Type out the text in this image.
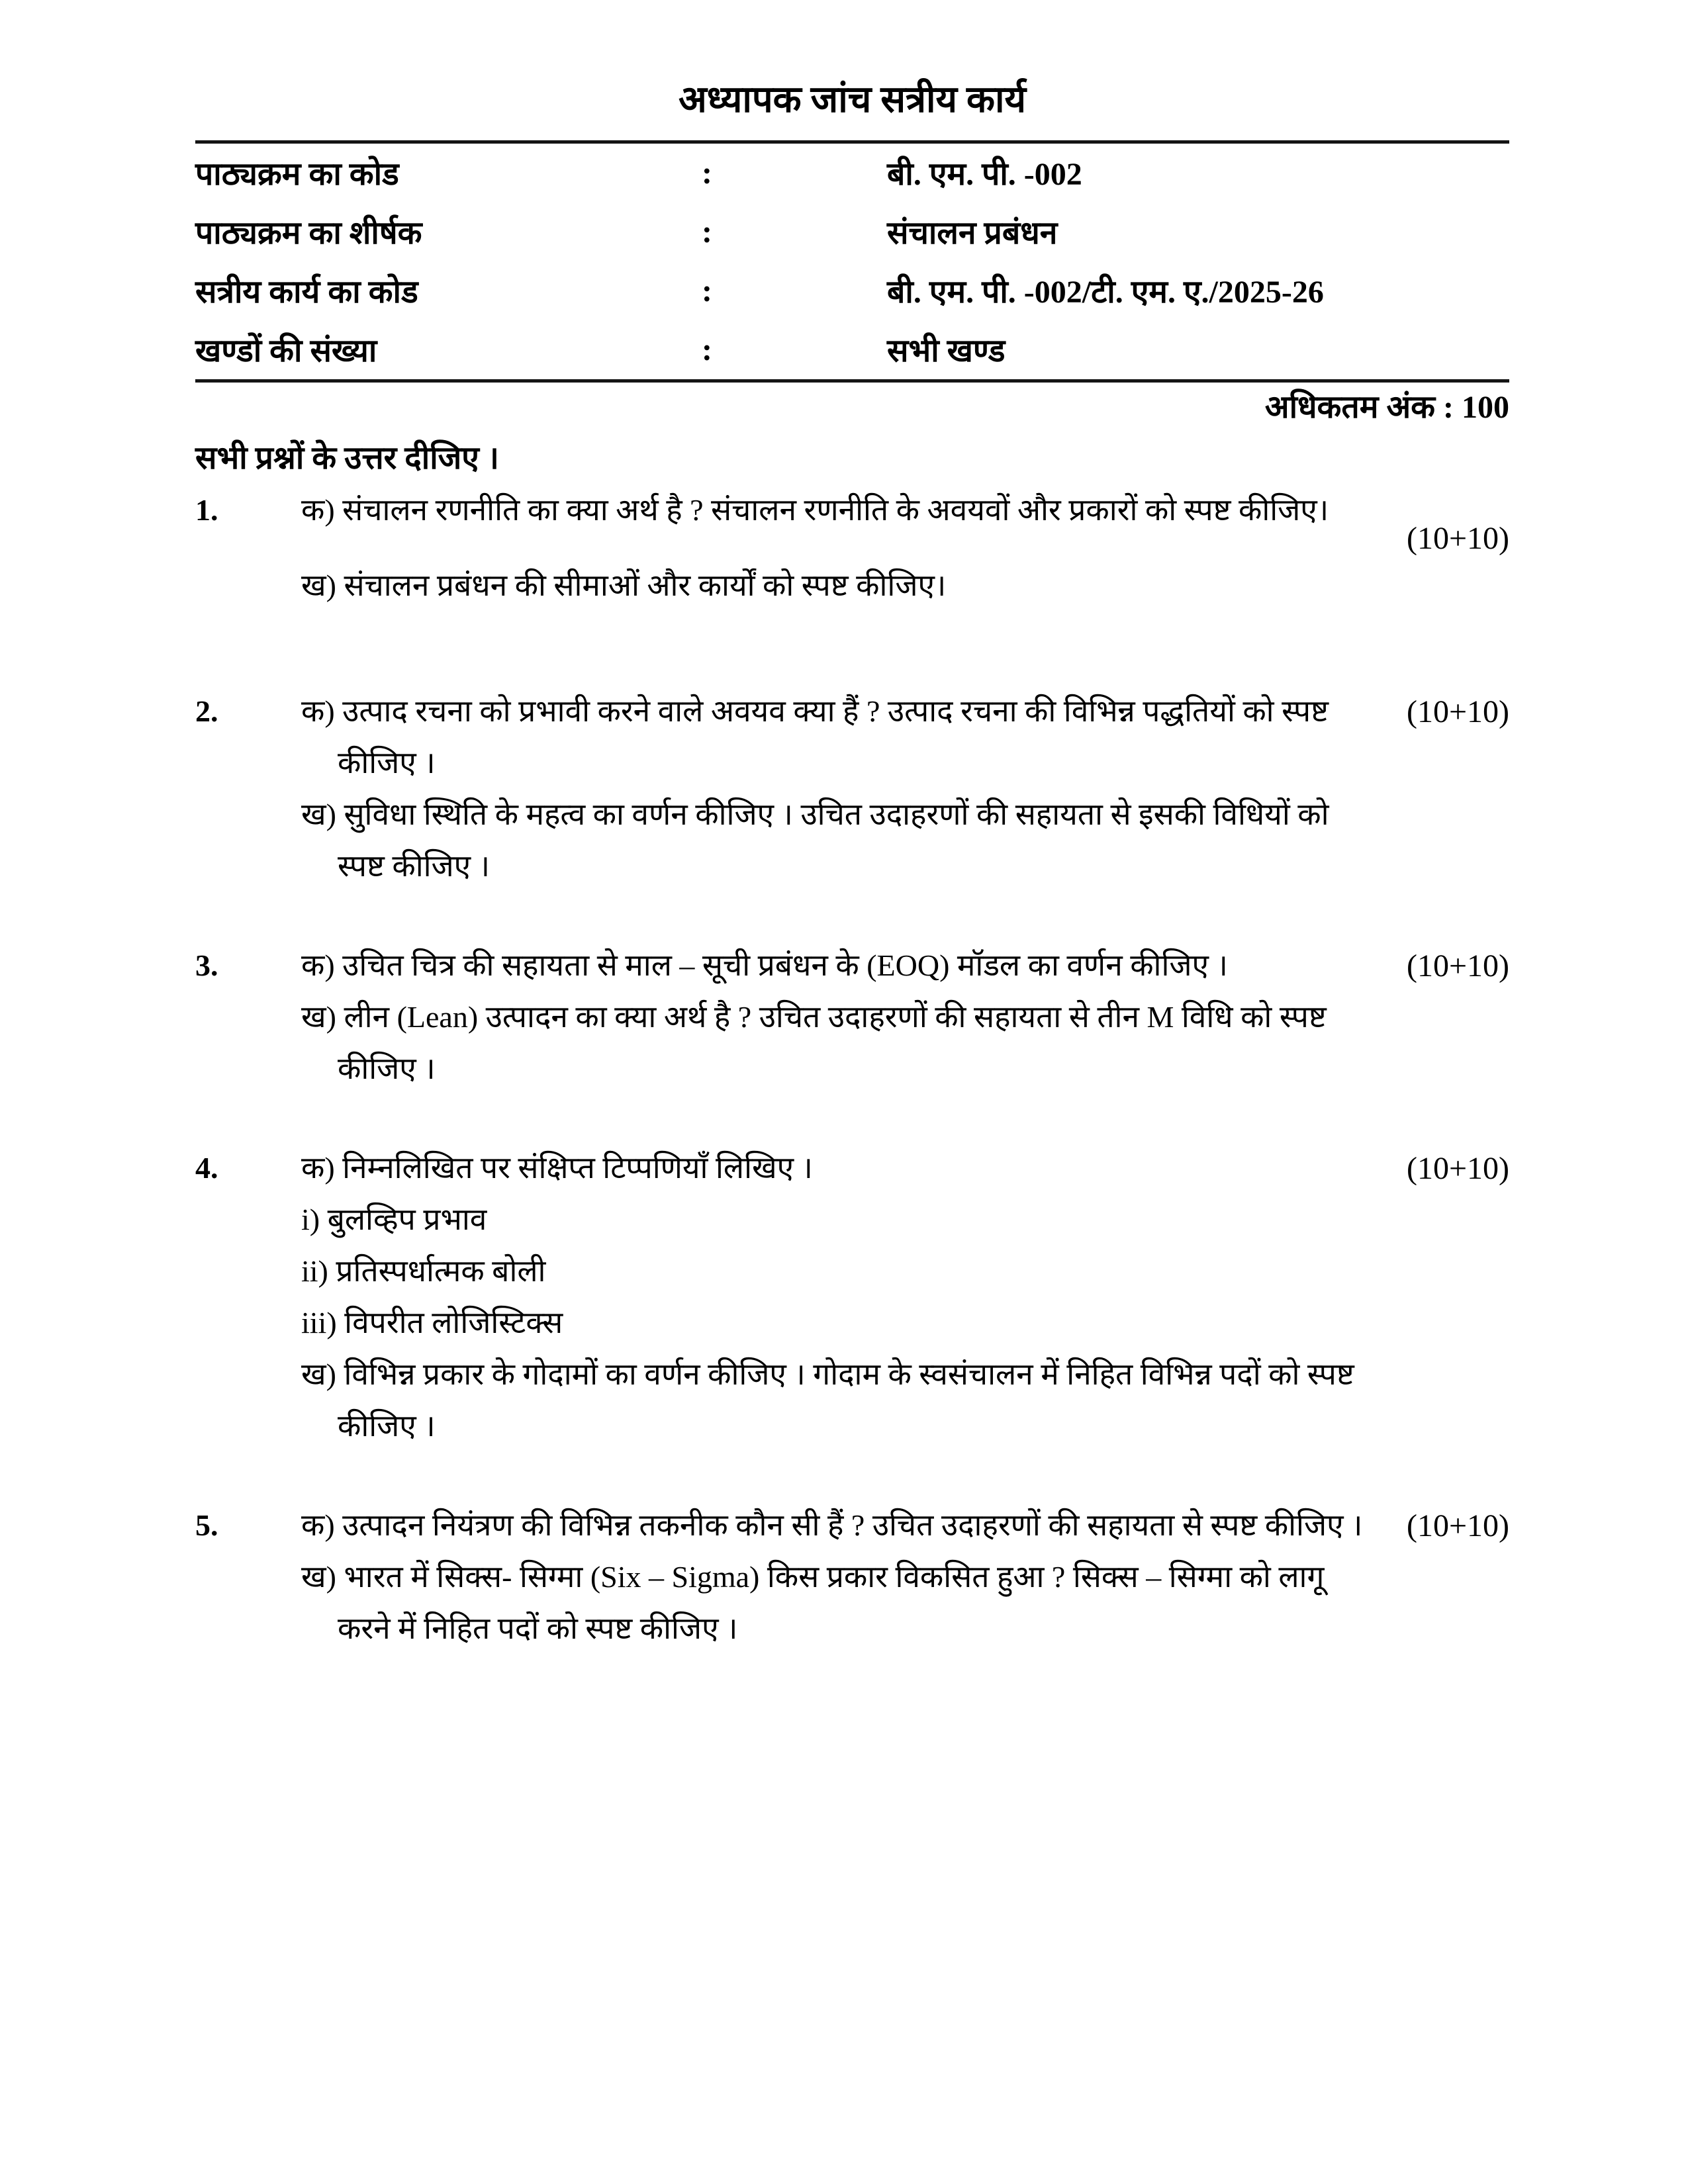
अध्यापक जांच सत्रीय कार्य
पाठ्यक्रम का कोड	:	बी. एम. पी. -002
पाठ्यक्रम का शीर्षक	:	संचालन प्रबंधन
सत्रीय कार्य का कोड	:	बी. एम. पी. -002/टी. एम. ए./2025-26
खण्डों की संख्या	:	सभी खण्ड
अधिकतम अंक : 100
सभी प्रश्नों के उत्तर दीजिए ।
1.	क) संचालन रणनीति का क्या अर्थ है ? संचालन रणनीति के अवयवों और प्रकारों को स्पष्ट कीजिए।
ख) संचालन प्रबंधन की सीमाओं और कार्यों को स्पष्ट कीजिए।
(10+10)
2.	क) उत्पाद रचना को प्रभावी करने वाले अवयव क्या हैं ? उत्पाद रचना की विभिन्न पद्धतियों को स्पष्ट
कीजिए ।
ख) सुविधा स्थिति के महत्व का वर्णन कीजिए । उचित उदाहरणों की सहायता से इसकी विधियों को
स्पष्ट कीजिए ।
(10+10)
3.	क) उचित चित्र की सहायता से माल – सूची प्रबंधन के (EOQ) मॉडल का वर्णन कीजिए ।
ख) लीन (Lean) उत्पादन का क्या अर्थ है ? उचित उदाहरणों की सहायता से तीन M विधि को स्पष्ट
कीजिए ।
(10+10)
4.	क) निम्नलिखित पर संक्षिप्त टिप्पणियाँ लिखिए ।
i) बुलव्हिप प्रभाव
ii) प्रतिस्पर्धात्मक बोली
iii) विपरीत लोजिस्टिक्स
ख) विभिन्न प्रकार के गोदामों का वर्णन कीजिए । गोदाम के स्वसंचालन में निहित विभिन्न पदों को स्पष्ट
कीजिए ।
(10+10)
5.	क) उत्पादन नियंत्रण की विभिन्न तकनीक कौन सी हैं ? उचित उदाहरणों की सहायता से स्पष्ट कीजिए ।
ख) भारत में सिक्स- सिग्मा (Six – Sigma) किस प्रकार विकसित हुआ ? सिक्स – सिग्मा को लागू
करने में निहित पदों को स्पष्ट कीजिए ।
(10+10)
